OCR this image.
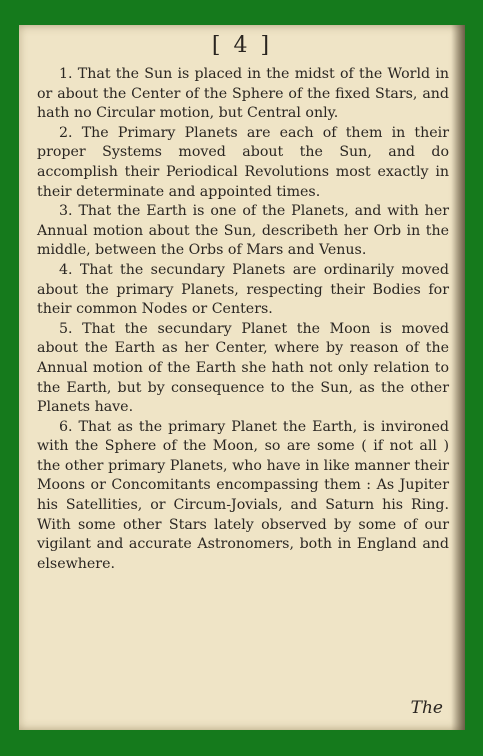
[ 4 ]

1. That the Sun is placed in the midst of the World in or about the Center of the Sphere of the fixed Stars, and hath no Circular motion, but Central only.

2. The Primary Planets are each of them in their proper Systems moved about the Sun, and do accomplish their Periodical Revolutions most exactly in their determinate and appointed times.

3. That the Earth is one of the Planets, and with her Annual motion about the Sun, describeth her Orb in the middle, between the Orbs of Mars and Venus.

4. That the secundary Planets are ordinarily moved about the primary Planets, respecting their Bodies for their common Nodes or Centers.

5. That the secundary Planet the Moon is moved about the Earth as her Center, where by reason of the Annual motion of the Earth she hath not only relation to the Earth, but by consequence to the Sun, as the other Planets have.

6. That as the primary Planet the Earth, is invironed with the Sphere of the Moon, so are some ( if not all ) the other primary Planets, who have in like manner their Moons or Concomitants encompassing them : As Jupiter his Satellities, or Circum-Jovials, and Saturn his Ring. With some other Stars lately observed by some of our vigilant and accurate Astronomers, both in England and elsewhere.

The
